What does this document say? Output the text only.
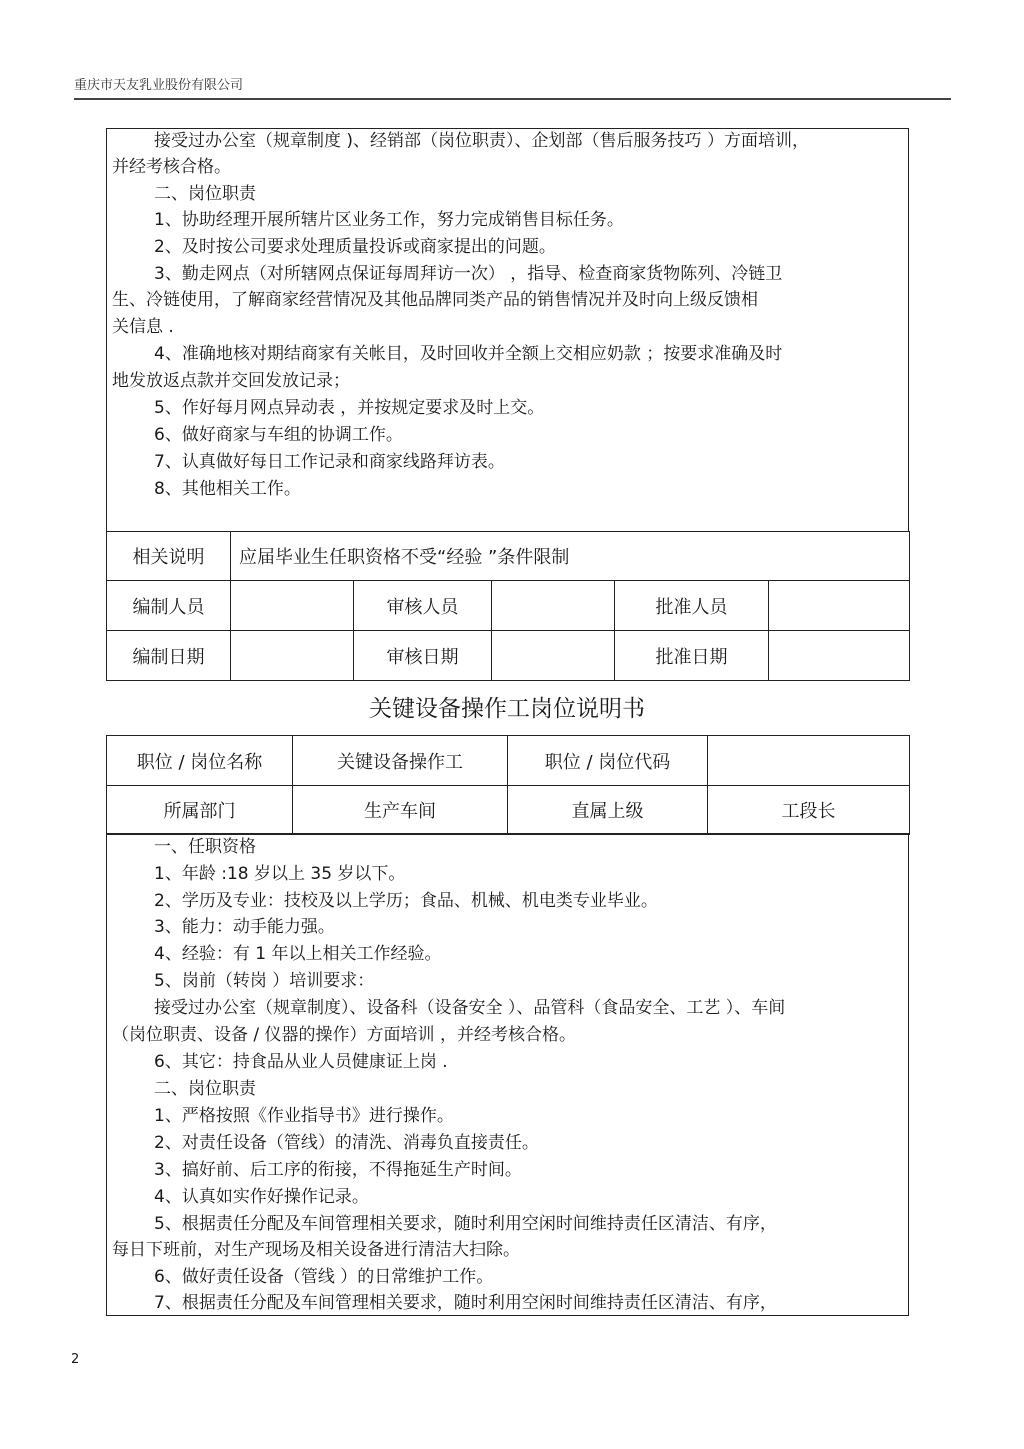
重庆市天友乳业股份有限公司
接受过办公室（规章制度 )、经销部（岗位职责）、企划部（售后服务技巧 ）方面培训，
并经考核合格。
二、岗位职责
1、协助经理开展所辖片区业务工作，努力完成销售目标任务。
2、及时按公司要求处理质量投诉或商家提出的问题。
3、勤走网点（对所辖网点保证每周拜访一次） ，指导、检查商家货物陈列、冷链卫
生、冷链使用，了解商家经营情况及其他品牌同类产品的销售情况并及时向上级反馈相
关信息 .
4、准确地核对期结商家有关帐目，及时回收并全额上交相应奶款 ；按要求准确及时
地发放返点款并交回发放记录；
5、作好每月网点异动表 ，并按规定要求及时上交。
6、做好商家与车组的协调工作。
7、认真做好每日工作记录和商家线路拜访表。
8、其他相关工作。
相关说明	应届毕业生任职资格不受“经验 ”条件限制
编制人员		审核人员		批准人员	
编制日期		审核日期		批准日期	
关键设备操作工岗位说明书
职位 / 岗位名称	关键设备操作工	职位 / 岗位代码	
所属部门	生产车间	直属上级	工段长
一、任职资格
1、年龄 :18 岁以上 35 岁以下。
2、学历及专业：技校及以上学历；食品、机械、机电类专业毕业。
3、能力：动手能力强。
4、经验：有 1 年以上相关工作经验。
5、岗前（转岗 ）培训要求：
接受过办公室（规章制度）、设备科（设备安全 ）、品管科（食品安全、工艺 ）、车间
（岗位职责、设备 / 仪器的操作）方面培训 ，并经考核合格。
6、其它：持食品从业人员健康证上岗 .
二、岗位职责
1、严格按照《作业指导书》进行操作。
2、对责任设备（管线）的清洗、消毒负直接责任。
3、搞好前、后工序的衔接，不得拖延生产时间。
4、认真如实作好操作记录。
5、根据责任分配及车间管理相关要求，随时利用空闲时间维持责任区清洁、有序，
每日下班前，对生产现场及相关设备进行清洁大扫除。
6、做好责任设备（管线 ）的日常维护工作。
7、根据责任分配及车间管理相关要求，随时利用空闲时间维持责任区清洁、有序，
2
